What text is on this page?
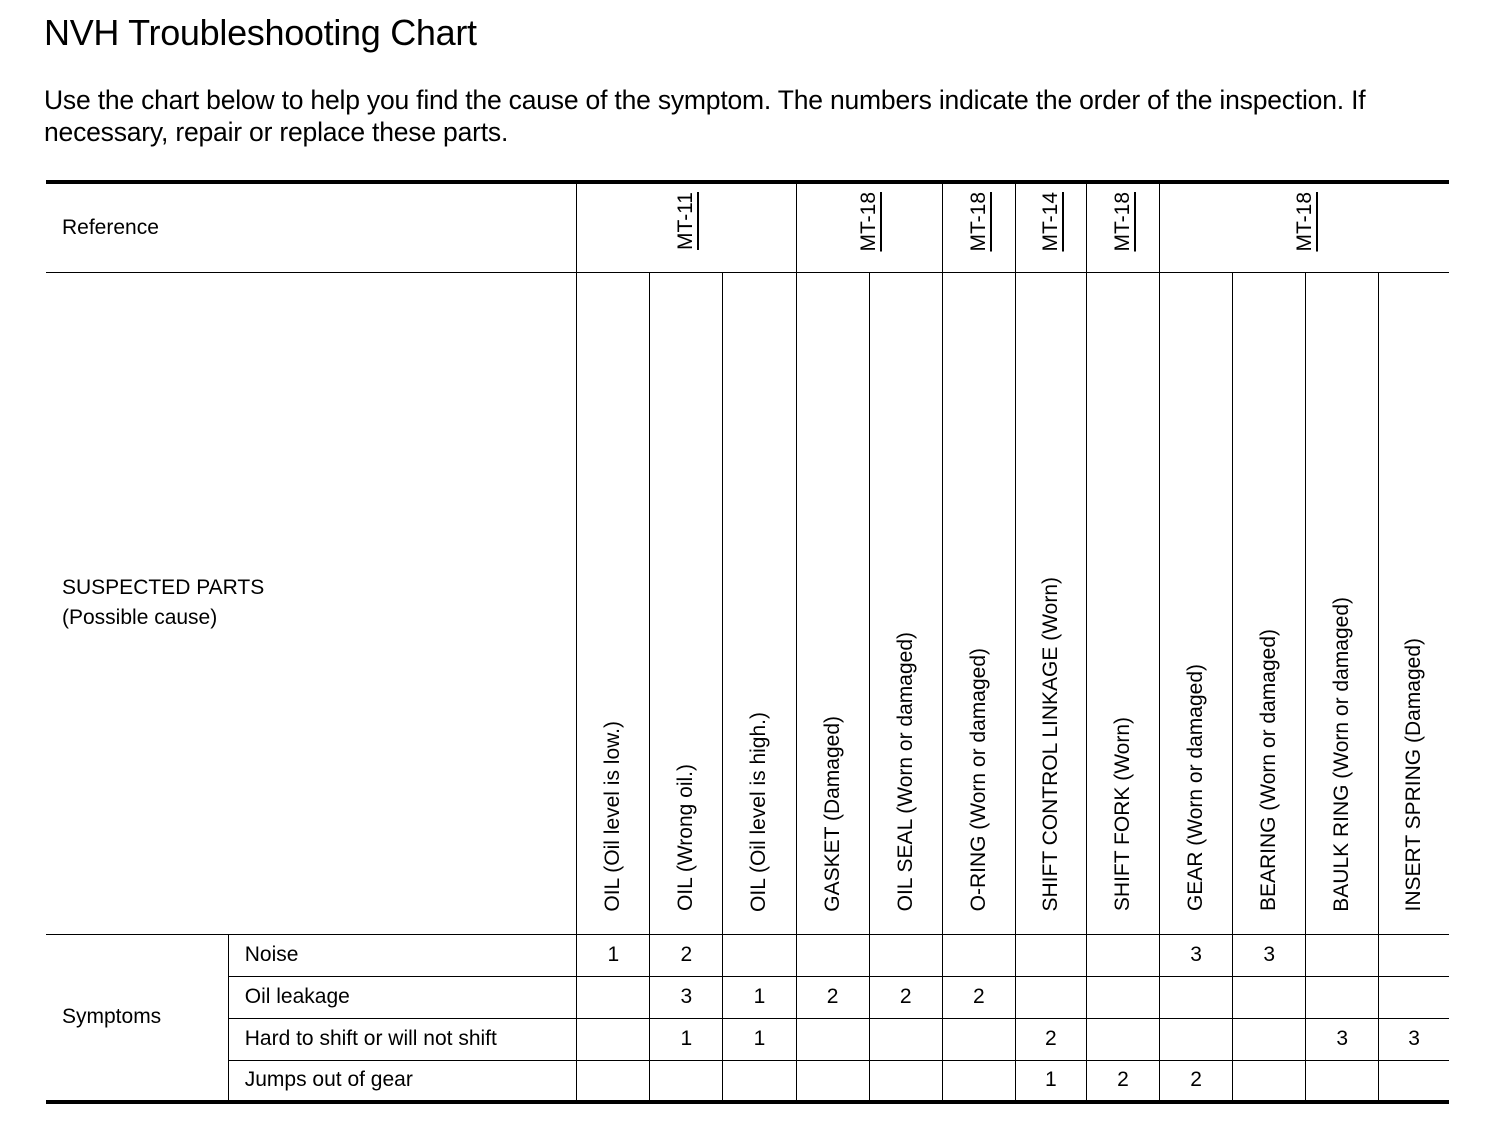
NVH Troubleshooting Chart

Use the chart below to help you find the cause of the symptom. The numbers indicate the order of the inspection. If necessary, repair or replace these parts.

Reference		MT-11			MT-18		MT-18	MT-14	MT-18	MT-18			

SUSPECTED PARTS
(Possible cause)		OIL (Oil level is low.)	OIL (Wrong oil.)	OIL (Oil level is high.)	GASKET (Damaged)	OIL SEAL (Worn or damaged)	O-RING (Worn or damaged)	SHIFT CONTROL LINKAGE (Worn)	SHIFT FORK (Worn)	GEAR (Worn or damaged)	BEARING (Worn or damaged)	BAULK RING (Worn or damaged)	INSERT SPRING (Damaged)
Symptoms	Noise	1	2							3	3		
	Oil leakage		3	1	2	2	2						
	Hard to shift or will not shift		1	1				2				3	3
	Jumps out of gear							1	2	2			
